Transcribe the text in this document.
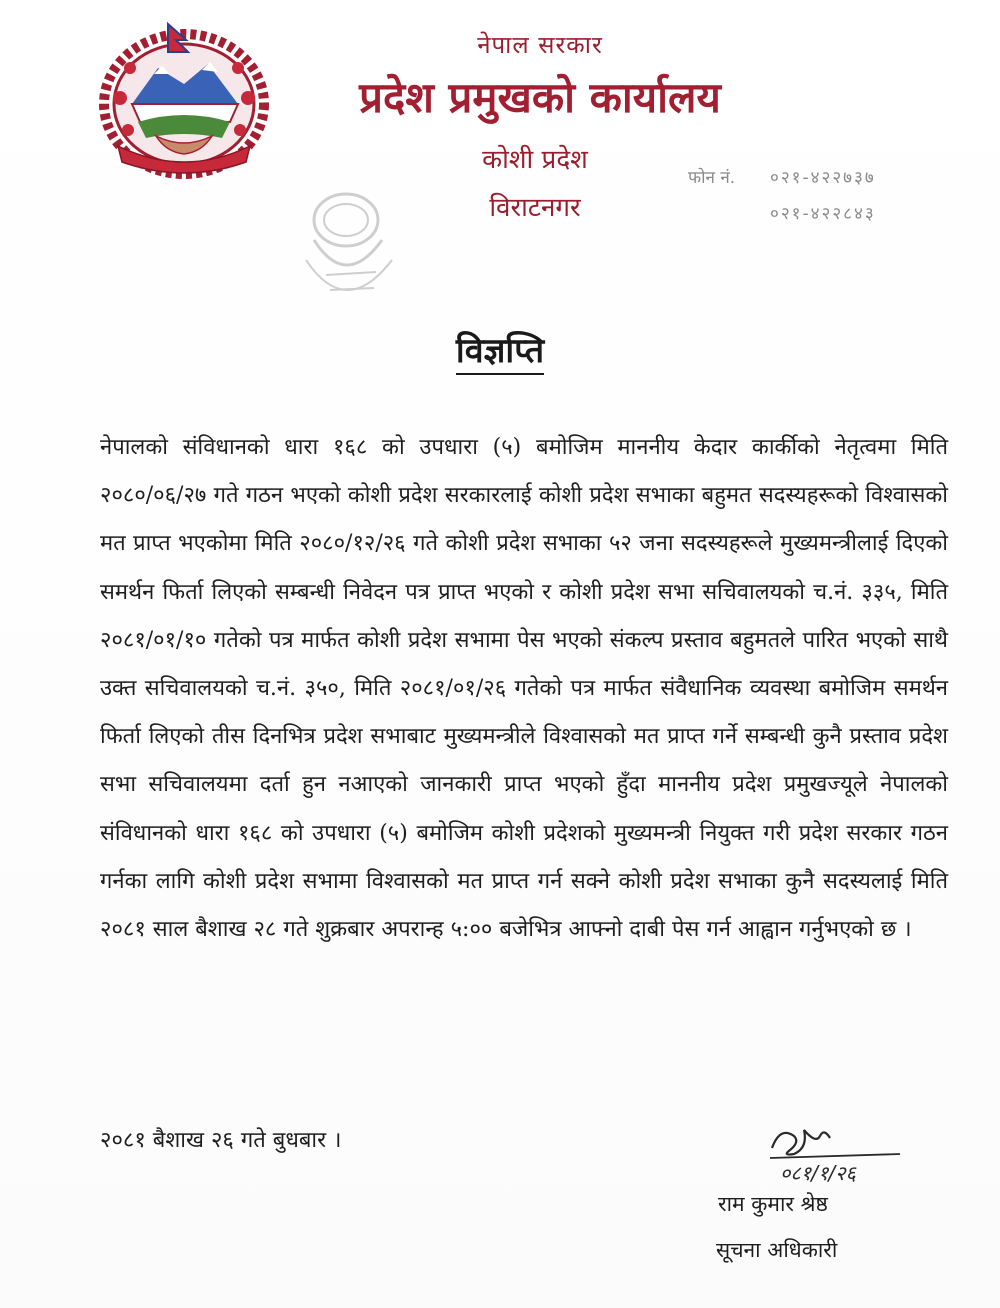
नेपाल सरकार
प्रदेश प्रमुखको कार्यालय
कोशी प्रदेश
विराटनगर
फोन नं. ०२१-४२२७३७
०२१-४२२८४३
विज्ञप्ति
नेपालको संविधानको धारा १६८ को उपधारा (५) बमोजिम माननीय केदार कार्कीको नेतृत्वमा मिति २०८०/०६/२७ गते गठन भएको कोशी प्रदेश सरकारलाई कोशी प्रदेश सभाका बहुमत सदस्यहरूको विश्वासको मत प्राप्त भएकोमा मिति २०८०/१२/२६ गते कोशी प्रदेश सभाका ५२ जना सदस्यहरूले मुख्यमन्त्रीलाई दिएको समर्थन फिर्ता लिएको सम्बन्धी निवेदन पत्र प्राप्त भएको र कोशी प्रदेश सभा सचिवालयको च.नं. ३३५, मिति २०८१/०१/१० गतेको पत्र मार्फत कोशी प्रदेश सभामा पेस भएको संकल्प प्रस्ताव बहुमतले पारित भएको साथै उक्त सचिवालयको च.नं. ३५०, मिति २०८१/०१/२६ गतेको पत्र मार्फत संवैधानिक व्यवस्था बमोजिम समर्थन फिर्ता लिएको तीस दिनभित्र प्रदेश सभाबाट मुख्यमन्त्रीले विश्वासको मत प्राप्त गर्ने सम्बन्धी कुनै प्रस्ताव प्रदेश सभा सचिवालयमा दर्ता हुन नआएको जानकारी प्राप्त भएको हुँदा माननीय प्रदेश प्रमुखज्यूले नेपालको संविधानको धारा १६८ को उपधारा (५) बमोजिम कोशी प्रदेशको मुख्यमन्त्री नियुक्त गरी प्रदेश सरकार गठन गर्नका लागि कोशी प्रदेश सभामा विश्वासको मत प्राप्त गर्न सक्ने कोशी प्रदेश सभाका कुनै सदस्यलाई मिति २०८१ साल बैशाख २८ गते शुक्रबार अपरान्ह ५:०० बजेभित्र आफ्नो दाबी पेस गर्न आह्वान गर्नुभएको छ ।
२०८१ बैशाख २६ गते बुधबार ।
०८१/१/२६
राम कुमार श्रेष्ठ
सूचना अधिकारी
